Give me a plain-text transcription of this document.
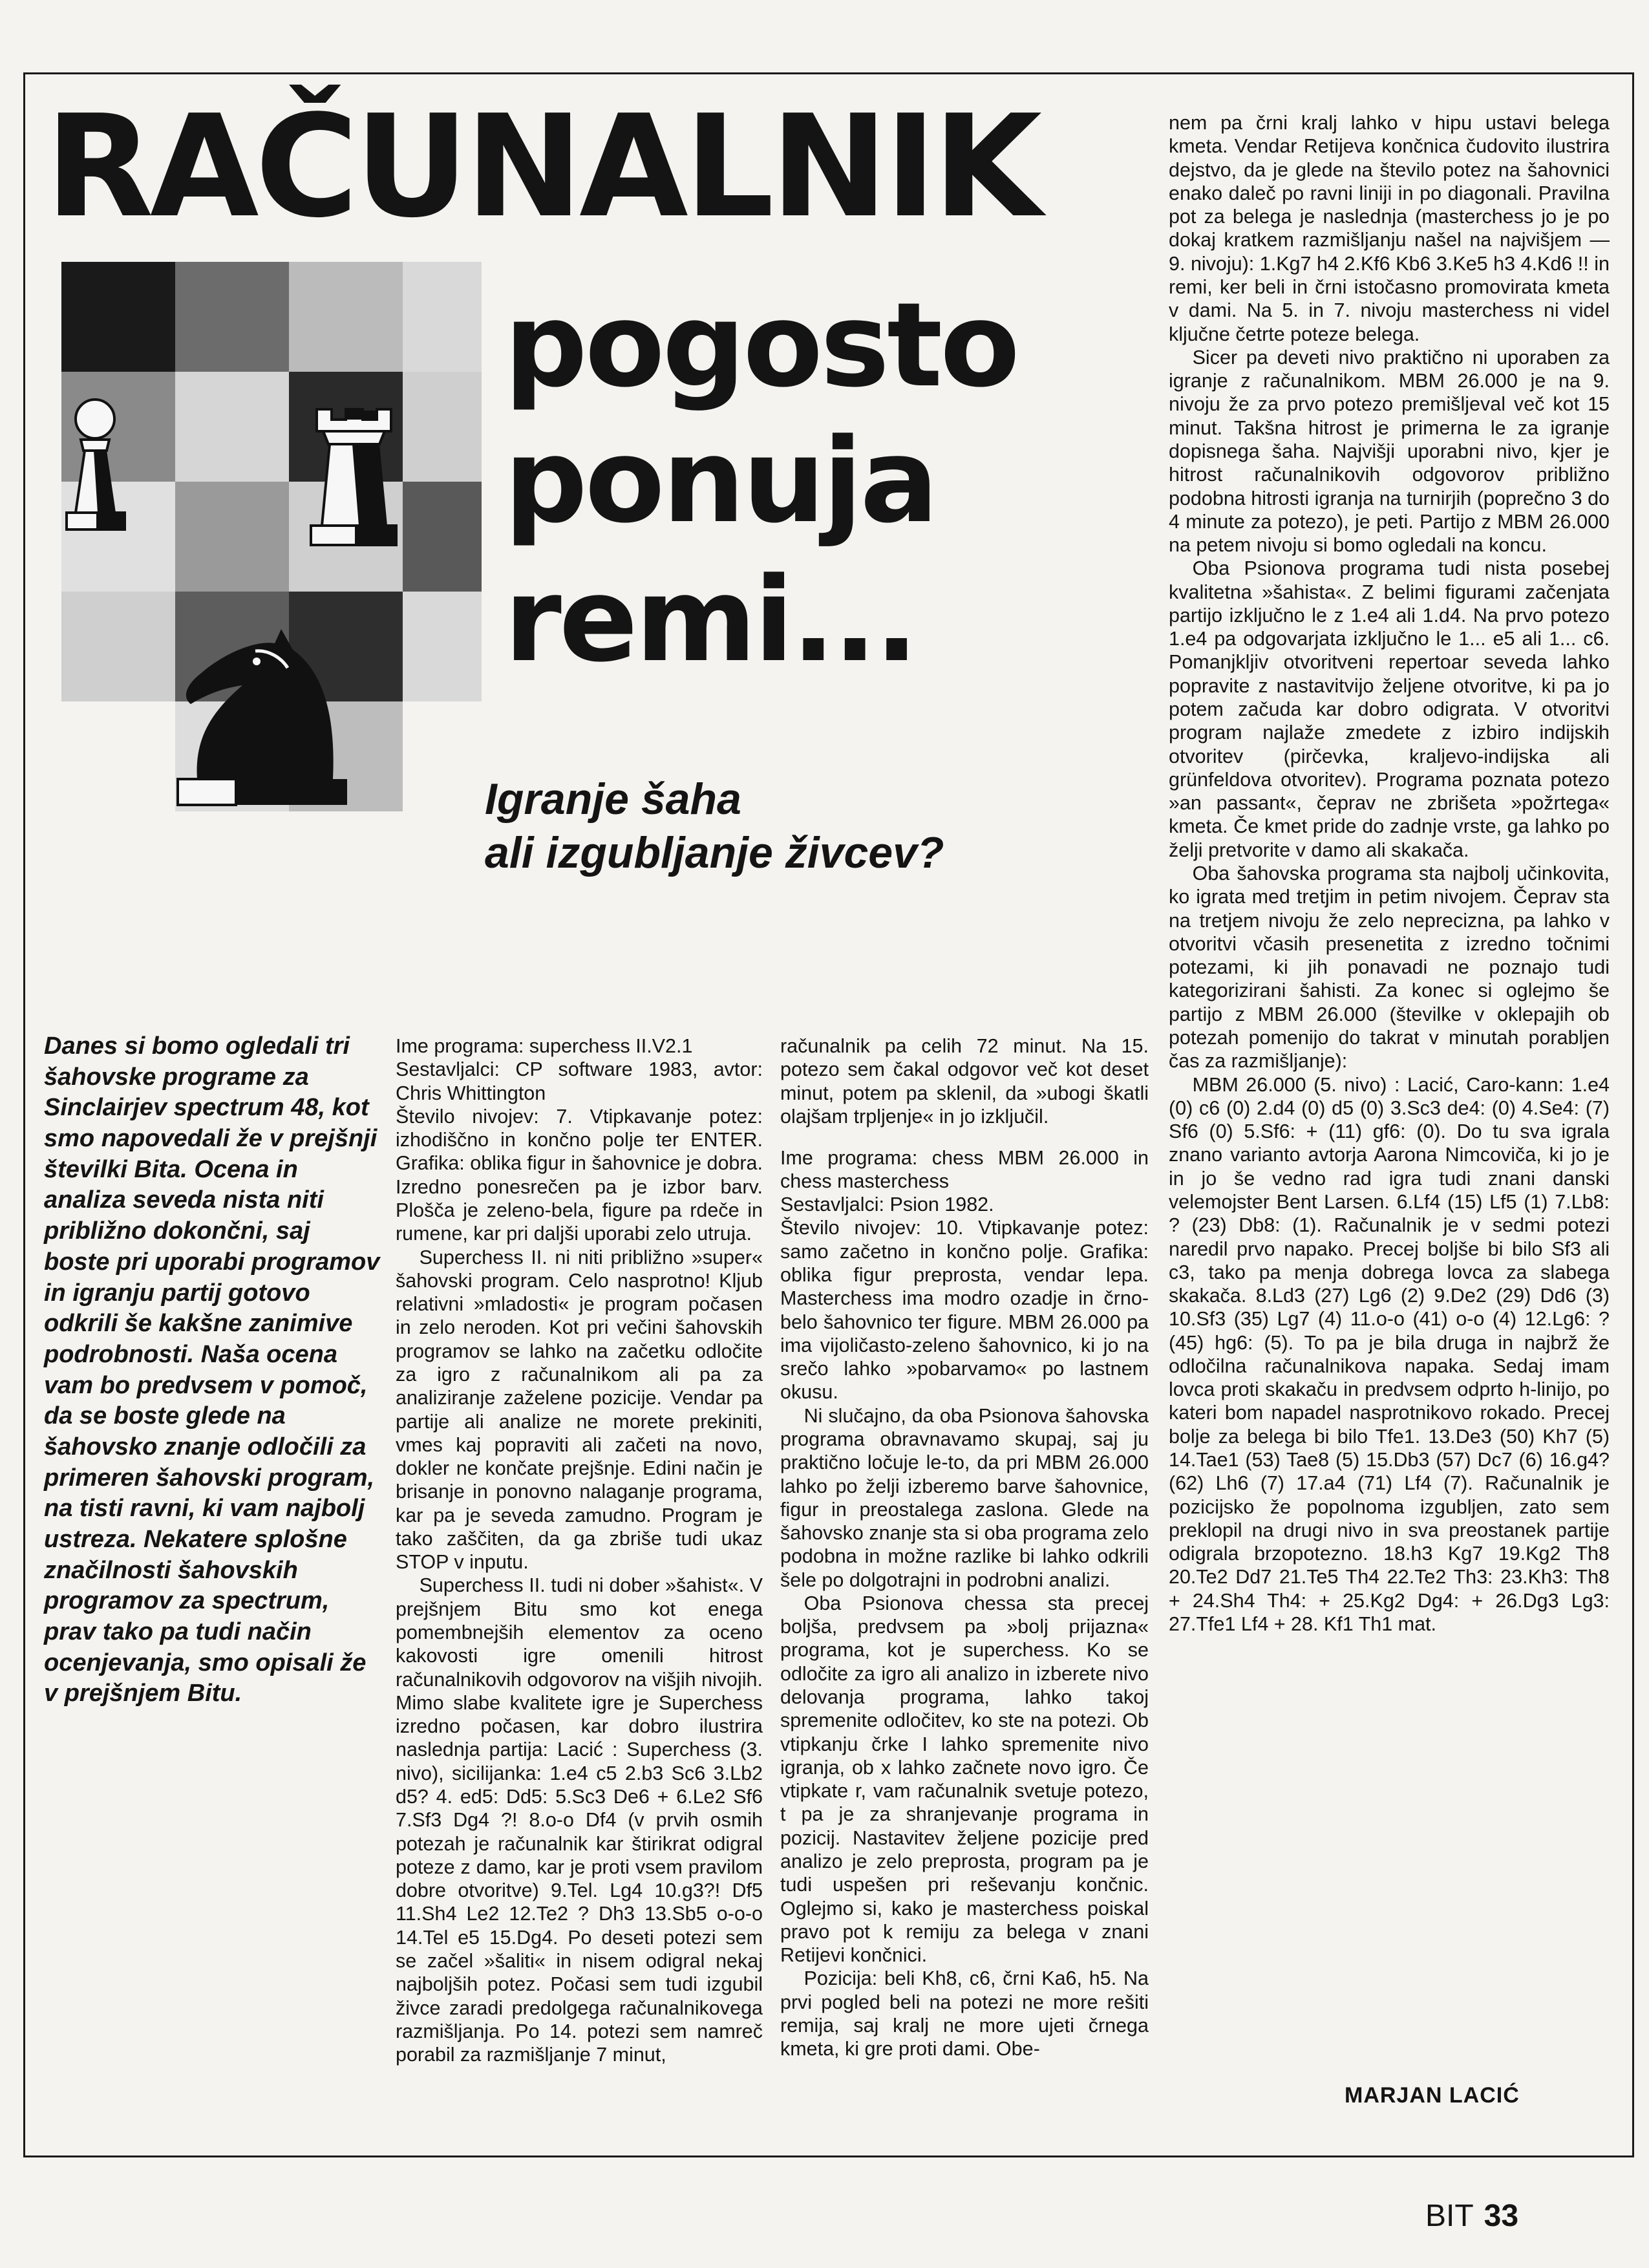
RAČUNALNIK
pogosto
ponuja
remi...
Igranje šaha
ali izgubljanje živcev?

Danes si bomo ogledali tri šahovske programe za Sinclairjev spectrum 48, kot smo napovedali že v prejšnji številki Bita. Ocena in analiza seveda nista niti približno dokončni, saj boste pri uporabi programov in igranju partij gotovo odkrili še kakšne zanimive podrobnosti. Naša ocena vam bo predvsem v pomoč, da se boste glede na šahovsko znanje odločili za primeren šahovski program, na tisti ravni, ki vam najbolj ustreza. Nekatere splošne značilnosti šahovskih programov za spectrum, prav tako pa tudi način ocenjevanja, smo opisali že v prejšnjem Bitu.

Ime programa: superchess II.V2.1

Sestavljalci: CP software 1983, avtor: Chris Whittington

Število nivojev: 7. Vtipkavanje potez: izhodiščno in končno polje ter ENTER. Grafika: oblika figur in šahovnice je dobra. Izredno ponesrečen pa je izbor barv. Plošča je zeleno-bela, figure pa rdeče in rumene, kar pri daljši uporabi zelo utruja.

Superchess II. ni niti približno »super« šahovski program. Celo nasprotno! Kljub relativni »mladosti« je program počasen in zelo neroden. Kot pri večini šahovskih programov se lahko na začetku odločite za igro z računalnikom ali pa za analiziranje zaželene pozicije. Vendar pa partije ali analize ne morete prekiniti, vmes kaj popraviti ali začeti na novo, dokler ne končate prejšnje. Edini način je brisanje in ponovno nalaganje programa, kar pa je seveda zamudno. Program je tako zaščiten, da ga zbriše tudi ukaz STOP v inputu.

Superchess II. tudi ni dober »šahist«. V prejšnjem Bitu smo kot enega pomembnejših elementov za oceno kakovosti igre omenili hitrost računalnikovih odgovorov na višjih nivojih. Mimo slabe kvalitete igre je Superchess izredno počasen, kar dobro ilustrira naslednja partija: Lacić : Superchess (3. nivo), sicilijanka: 1.e4 c5 2.b3 Sc6 3.Lb2 d5? 4. ed5: Dd5: 5.Sc3 De6 + 6.Le2 Sf6 7.Sf3 Dg4 ?! 8.o-o Df4 (v prvih osmih potezah je računalnik kar štirikrat odigral poteze z damo, kar je proti vsem pravilom dobre otvoritve) 9.Tel. Lg4 10.g3?! Df5 11.Sh4 Le2 12.Te2 ? Dh3 13.Sb5 o-o-o 14.Tel e5 15.Dg4. Po deseti potezi sem se začel »šaliti« in nisem odigral nekaj najboljših potez. Počasi sem tudi izgubil živce zaradi predolgega računalnikovega razmišljanja. Po 14. potezi sem namreč porabil za razmišljanje 7 minut,

računalnik pa celih 72 minut. Na 15. potezo sem čakal odgovor več kot deset minut, potem pa sklenil, da »ubogi škatli olajšam trpljenje« in jo izključil.

Ime programa: chess MBM 26.000 in chess masterchess

Sestavljalci: Psion 1982.

Število nivojev: 10. Vtipkavanje potez: samo začetno in končno polje. Grafika: oblika figur preprosta, vendar lepa. Masterchess ima modro ozadje in črno-belo šahovnico ter figure. MBM 26.000 pa ima vijoličasto-zeleno šahovnico, ki jo na srečo lahko »pobarvamo« po lastnem okusu.

Ni slučajno, da oba Psionova šahovska programa obravnavamo skupaj, saj ju praktično ločuje le-to, da pri MBM 26.000 lahko po želji izberemo barve šahovnice, figur in preostalega zaslona. Glede na šahovsko znanje sta si oba programa zelo podobna in možne razlike bi lahko odkrili šele po dolgotrajni in podrobni analizi.

Oba Psionova chessa sta precej boljša, predvsem pa »bolj prijazna« programa, kot je superchess. Ko se odločite za igro ali analizo in izberete nivo delovanja programa, lahko takoj spremenite odločitev, ko ste na potezi. Ob vtipkanju črke I lahko spremenite nivo igranja, ob x lahko začnete novo igro. Če vtipkate r, vam računalnik svetuje potezo, t pa je za shranjevanje programa in pozicij. Nastavitev željene pozicije pred analizo je zelo preprosta, program pa je tudi uspešen pri reševanju končnic. Oglejmo si, kako je masterchess poiskal pravo pot k remiju za belega v znani Retijevi končnici.

Pozicija: beli Kh8, c6, črni Ka6, h5. Na prvi pogled beli na potezi ne more rešiti remija, saj kralj ne more ujeti črnega kmeta, ki gre proti dami. Obe-

nem pa črni kralj lahko v hipu ustavi belega kmeta. Vendar Retijeva končnica čudovito ilustrira dejstvo, da je glede na število potez na šahovnici enako daleč po ravni liniji in po diagonali. Pravilna pot za belega je naslednja (masterchess jo je po dokaj kratkem razmišljanju našel na najvišjem — 9. nivoju): 1.Kg7 h4 2.Kf6 Kb6 3.Ke5 h3 4.Kd6 !! in remi, ker beli in črni istočasno promovirata kmeta v dami. Na 5. in 7. nivoju masterchess ni videl ključne četrte poteze belega.

Sicer pa deveti nivo praktično ni uporaben za igranje z računalnikom. MBM 26.000 je na 9. nivoju že za prvo potezo premišljeval več kot 15 minut. Takšna hitrost je primerna le za igranje dopisnega šaha. Najvišji uporabni nivo, kjer je hitrost računalnikovih odgovorov približno podobna hitrosti igranja na turnirjih (poprečno 3 do 4 minute za potezo), je peti. Partijo z MBM 26.000 na petem nivoju si bomo ogledali na koncu.

Oba Psionova programa tudi nista posebej kvalitetna »šahista«. Z belimi figurami začenjata partijo izključno le z 1.e4 ali 1.d4. Na prvo potezo 1.e4 pa odgovarjata izključno le 1... e5 ali 1... c6. Pomanjkljiv otvoritveni repertoar seveda lahko popravite z nastavitvijo željene otvoritve, ki pa jo potem začuda kar dobro odigrata. V otvoritvi program najlaže zmedete z izbiro indijskih otvoritev (pirčevka, kraljevo-indijska ali grünfeldova otvoritev). Programa poznata potezo »an passant«, čeprav ne zbrišeta »požrtega« kmeta. Če kmet pride do zadnje vrste, ga lahko po želji pretvorite v damo ali skakača.

Oba šahovska programa sta najbolj učinkovita, ko igrata med tretjim in petim nivojem. Čeprav sta na tretjem nivoju že zelo neprecizna, pa lahko v otvoritvi včasih presenetita z izredno točnimi potezami, ki jih ponavadi ne poznajo tudi kategorizirani šahisti. Za konec si oglejmo še partijo z MBM 26.000 (številke v oklepajih ob potezah pomenijo do takrat v minutah porabljen čas za razmišljanje):

MBM 26.000 (5. nivo) : Lacić, Caro-kann: 1.e4 (0) c6 (0) 2.d4 (0) d5 (0) 3.Sc3 de4: (0) 4.Se4: (7) Sf6 (0) 5.Sf6: + (11) gf6: (0). Do tu sva igrala znano varianto avtorja Aarona Nimcoviča, ki jo je in jo še vedno rad igra tudi znani danski velemojster Bent Larsen. 6.Lf4 (15) Lf5 (1) 7.Lb8: ? (23) Db8: (1). Računalnik je v sedmi potezi naredil prvo napako. Precej boljše bi bilo Sf3 ali c3, tako pa menja dobrega lovca za slabega skakača. 8.Ld3 (27) Lg6 (2) 9.De2 (29) Dd6 (3) 10.Sf3 (35) Lg7 (4) 11.o-o (41) o-o (4) 12.Lg6: ? (45) hg6: (5). To pa je bila druga in najbrž že odločilna računalnikova napaka. Sedaj imam lovca proti skakaču in predvsem odprto h-linijo, po kateri bom napadel nasprotnikovo rokado. Precej bolje za belega bi bilo Tfe1. 13.De3 (50) Kh7 (5) 14.Tae1 (53) Tae8 (5) 15.Db3 (57) Dc7 (6) 16.g4? (62) Lh6 (7) 17.a4 (71) Lf4 (7). Računalnik je pozicijsko že popolnoma izgubljen, zato sem preklopil na drugi nivo in sva preostanek partije odigrala brzopotezno. 18.h3 Kg7 19.Kg2 Th8 20.Te2 Dd7 21.Te5 Th4 22.Te2 Th3: 23.Kh3: Th8 + 24.Sh4 Th4: + 25.Kg2 Dg4: + 26.Dg3 Lg3: 27.Tfe1 Lf4 + 28. Kf1 Th1 mat.

MARJAN LACIĆ

BIT 33
